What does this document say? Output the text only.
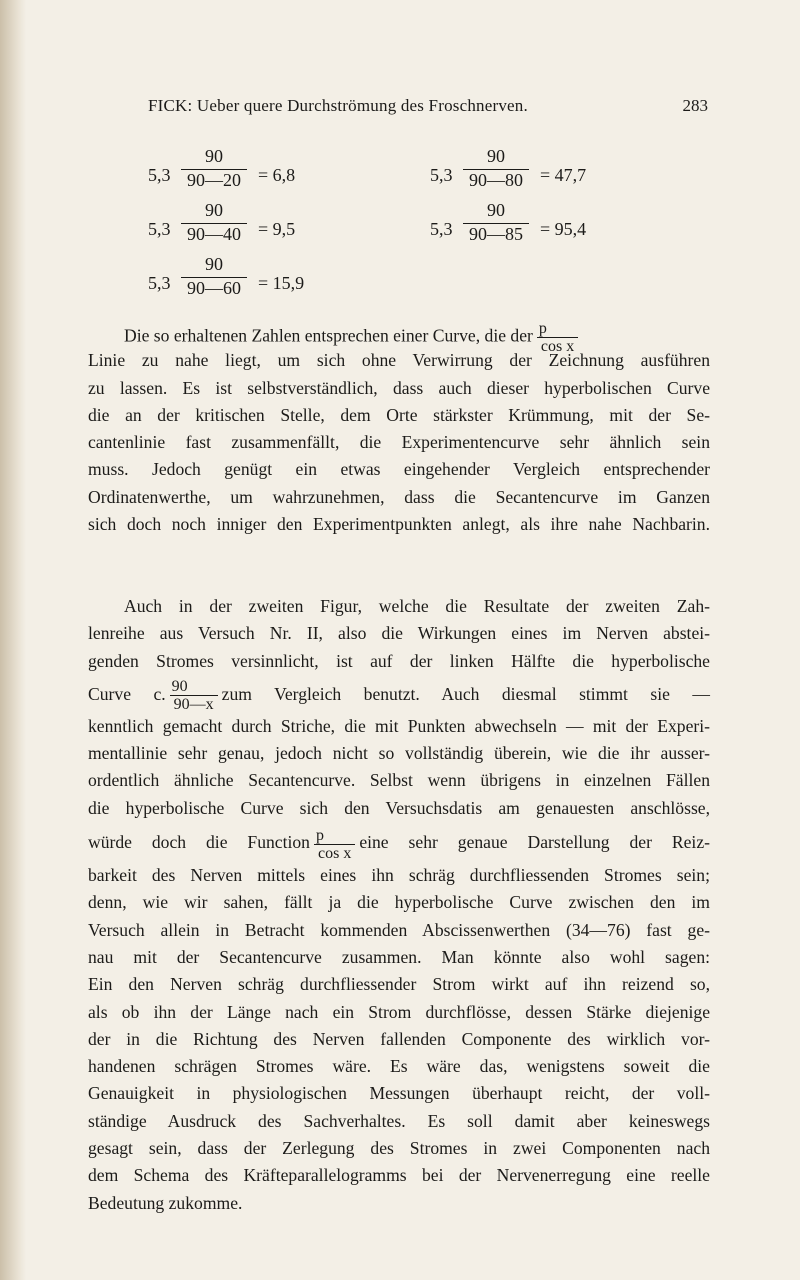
FICK: Ueber quere Durchströmung des Froschnerven.	283
5,3
90
90—20 = 6,8
5,3
90
90—40 = 9,5
5,3
90
90—60 = 15,9
5,3
90
90—80 = 47,7
5,3
90
90—85 = 95,4
Die so erhaltenen Zahlen entsprechen einer Curve, die der $\frac{p}{\text{cos x}}$
Linie zu nahe liegt, um sich ohne Verwirrung der Zeichnung ausführen
zu lassen. Es ist selbstverständlich, dass auch dieser hyperbolischen Curve
die an der kritischen Stelle, dem Orte stärkster Krümmung, mit der Se-
cantenlinie fast zusammenfällt, die Experimentencurve sehr ähnlich sein
muss. Jedoch genügt ein etwas eingehender Vergleich entsprechender
Ordinatenwerthe, um wahrzunehmen, dass die Secantencurve im Ganzen
sich doch noch inniger den Experimentpunkten anlegt, als ihre nahe Nachbarin.
Auch in der zweiten Figur, welche die Resultate der zweiten Zah-
lenreihe aus Versuch Nr. II, also die Wirkungen eines im Nerven abstei-
genden Stromes versinnlicht, ist auf der linken Hälfte die hyperbolische
Curve c. $\frac{90}{90—x}$ zum Vergleich benutzt. Auch diesmal stimmt sie —
kenntlich gemacht durch Striche, die mit Punkten abwechseln — mit der Experi-
mentallinie sehr genau, jedoch nicht so vollständig überein, wie die ihr ausser-
ordentlich ähnliche Secantencurve. Selbst wenn übrigens in einzelnen Fällen
die hyperbolische Curve sich den Versuchsdatis am genauesten anschlösse,
würde doch die Function $\frac{p}{\text{cos x}}$ eine sehr genaue Darstellung der Reiz-
barkeit des Nerven mittels eines ihn schräg durchfliessenden Stromes sein;
denn, wie wir sahen, fällt ja die hyperbolische Curve zwischen den im
Versuch allein in Betracht kommenden Abscissenwerthen (34—76) fast ge-
nau mit der Secantencurve zusammen. Man könnte also wohl sagen:
Ein den Nerven schräg durchfliessender Strom wirkt auf ihn reizend so,
als ob ihn der Länge nach ein Strom durchflösse, dessen Stärke diejenige
der in die Richtung des Nerven fallenden Componente des wirklich vor-
handenen schrägen Stromes wäre. Es wäre das, wenigstens soweit die
Genauigkeit in physiologischen Messungen überhaupt reicht, der voll-
ständige Ausdruck des Sachverhaltes. Es soll damit aber keineswegs
gesagt sein, dass der Zerlegung des Stromes in zwei Componenten nach
dem Schema des Kräfteparallelogramms bei der Nervenerregung eine reelle
Bedeutung zukomme.
